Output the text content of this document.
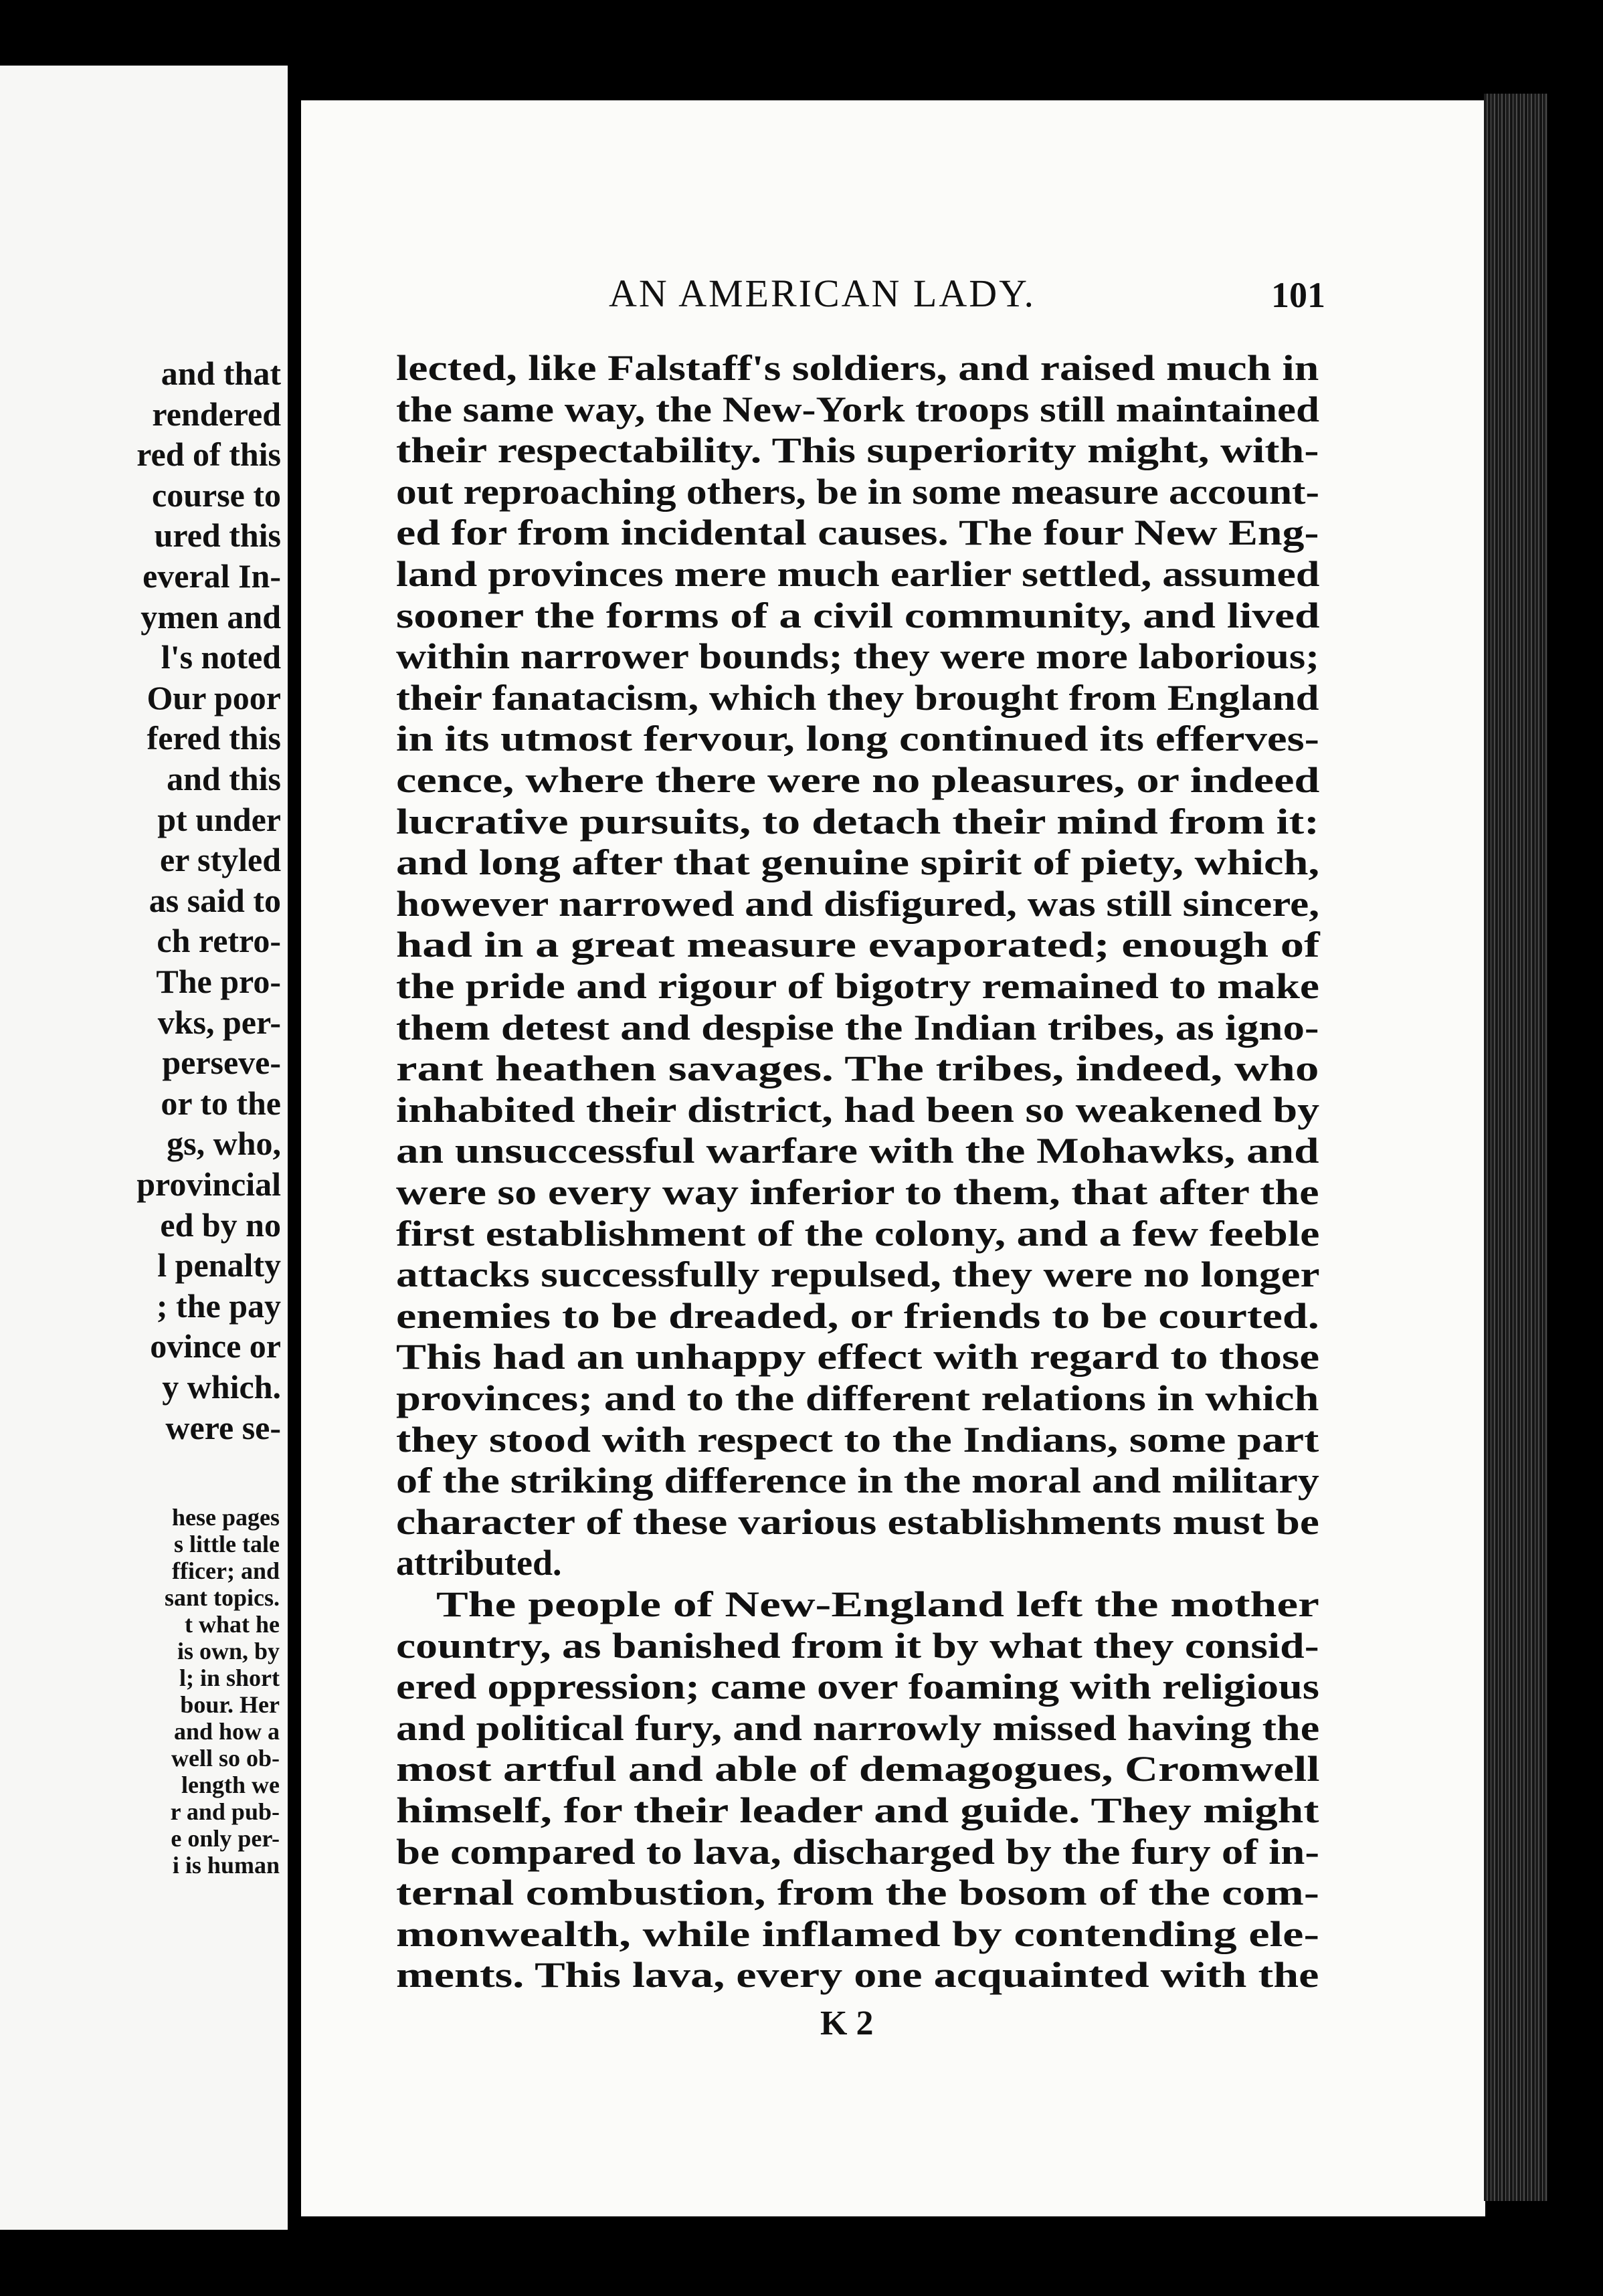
and that
rendered
red of this
course to
ured this
everal In-
ymen and
l's noted
Our poor
fered this
and this
pt under
er styled
as said to
ch retro-
The pro-
vks, per-
perseve-
or to the
gs, who,
provincial
ed by no
l penalty
; the pay
ovince or
y which.
were se-
hese pages
s little tale
fficer; and
sant topics.
t what he
is own, by
l; in short
bour. Her
and how a
well so ob-
length we
r and pub-
e only per-
i is human
AN AMERICAN LADY.	101
lected, like Falstaff's soldiers, and raised much in
the same way, the New-York troops still maintained
their respectability. This superiority might, with-
out reproaching others, be in some measure account-
ed for from incidental causes. The four New Eng-
land provinces mere much earlier settled, assumed
sooner the forms of a civil community, and lived
within narrower bounds; they were more laborious;
their fanatacism, which they brought from England
in its utmost fervour, long continued its efferves-
cence, where there were no pleasures, or indeed
lucrative pursuits, to detach their mind from it:
and long after that genuine spirit of piety, which,
however narrowed and disfigured, was still sincere,
had in a great measure evaporated; enough of
the pride and rigour of bigotry remained to make
them detest and despise the Indian tribes, as igno-
rant heathen savages. The tribes, indeed, who
inhabited their district, had been so weakened by
an unsuccessful warfare with the Mohawks, and
were so every way inferior to them, that after the
first establishment of the colony, and a few feeble
attacks successfully repulsed, they were no longer
enemies to be dreaded, or friends to be courted.
This had an unhappy effect with regard to those
provinces; and to the different relations in which
they stood with respect to the Indians, some part
of the striking difference in the moral and military
character of these various establishments must be
attributed.
The people of New-England left the mother
country, as banished from it by what they consid-
ered oppression; came over foaming with religious
and political fury, and narrowly missed having the
most artful and able of demagogues, Cromwell
himself, for their leader and guide. They might
be compared to lava, discharged by the fury of in-
ternal combustion, from the bosom of the com-
monwealth, while inflamed by contending ele-
ments. This lava, every one acquainted with the
K 2
